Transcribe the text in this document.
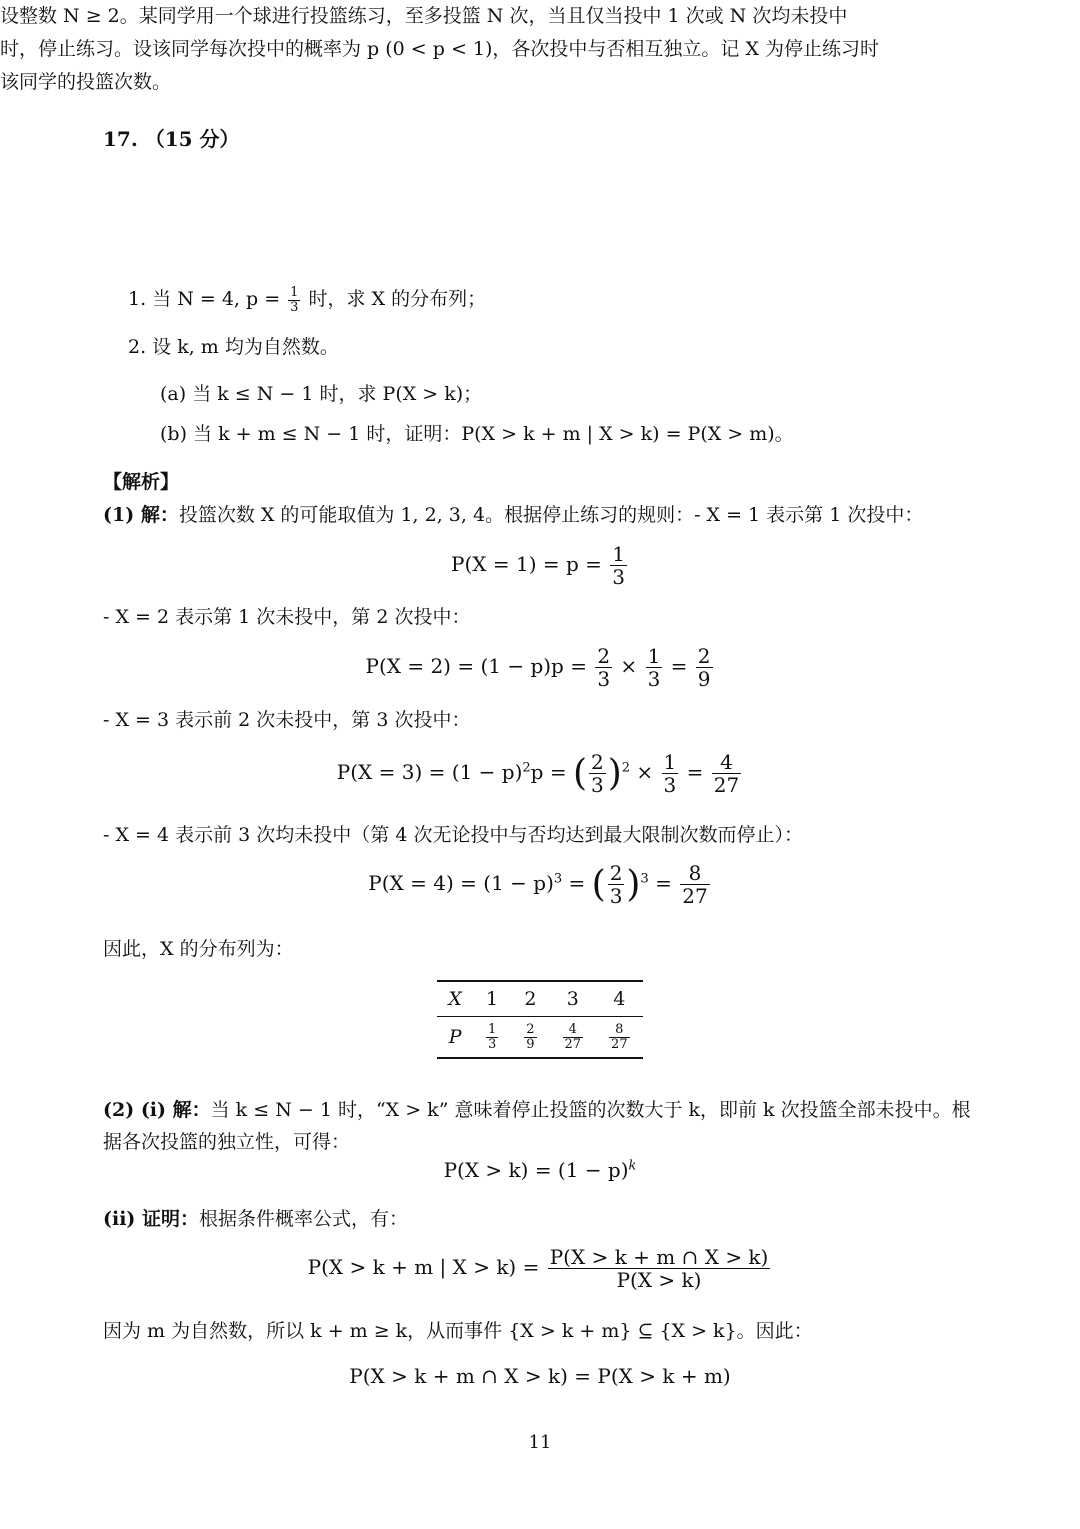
17. （15 分）
设整数 N ≥ 2。某同学用一个球进行投篮练习，至多投篮 N 次，当且仅当投中 1 次或 N 次均未投中时，停止练习。设该同学每次投中的概率为 p (0 < p < 1)，各次投中与否相互独立。记 X 为停止练习时该同学的投篮次数。
1. 当 N = 4, $p = \frac{1}{3}$ 时，求 X 的分布列；
2. 设 k, m 均为自然数。
(a) 当 k ≤ N − 1 时，求 P(X > k)；
(b) 当 k + m ≤ N − 1 时，证明：P(X > k + m | X > k) = P(X > m)。
【解析】
(1) 解：投篮次数 X 的可能取值为 1, 2, 3, 4。根据停止练习的规则：- X = 1 表示第 1 次投中：
$P(X = 1) = p = \frac{1}{3}$
- X = 2 表示第 1 次未投中，第 2 次投中：
$P(X = 2) = (1 - p)p = \frac{2}{3} \times \frac{1}{3} = \frac{2}{9}$
- X = 3 表示前 2 次未投中，第 3 次投中：
$P(X = 3) = (1 - p)^2p$ = ( $\frac{2}{3} )^2 \times \frac{1}{3} = \frac{4}{27}$
- X = 4 表示前 3 次均未投中（第 4 次无论投中与否均达到最大限制次数而停止）：
$P(X = 4) = (1 - p)^3$ = ( $\frac{2}{3} )^3 = \frac{8}{27}$
因此，X 的分布列为：
X	1	2	3	4
P	$\frac{1}{3}$	$\frac{2}{9}$	$\frac{4}{27}$	$\frac{8}{27}$
(2) (i) 解：当 k ≤ N − 1 时，“X > k” 意味着停止投篮的次数大于 k，即前 k 次投篮全部未投中。根
据各次投篮的独立性，可得：
$P(X > k) = (1 - p)^k$
(ii) 证明：根据条件概率公式，有：
P(X > k + m | $X > k) = \frac{P(X > k + m \cap X > k)}{P(X > k)}$
因为 m 为自然数，所以 k + m ≥ k，从而事件 {X > k + m} ⊆ {X > k}。因此：
P(X > k + m ∩ X > k) = P(X > k + m)
11
